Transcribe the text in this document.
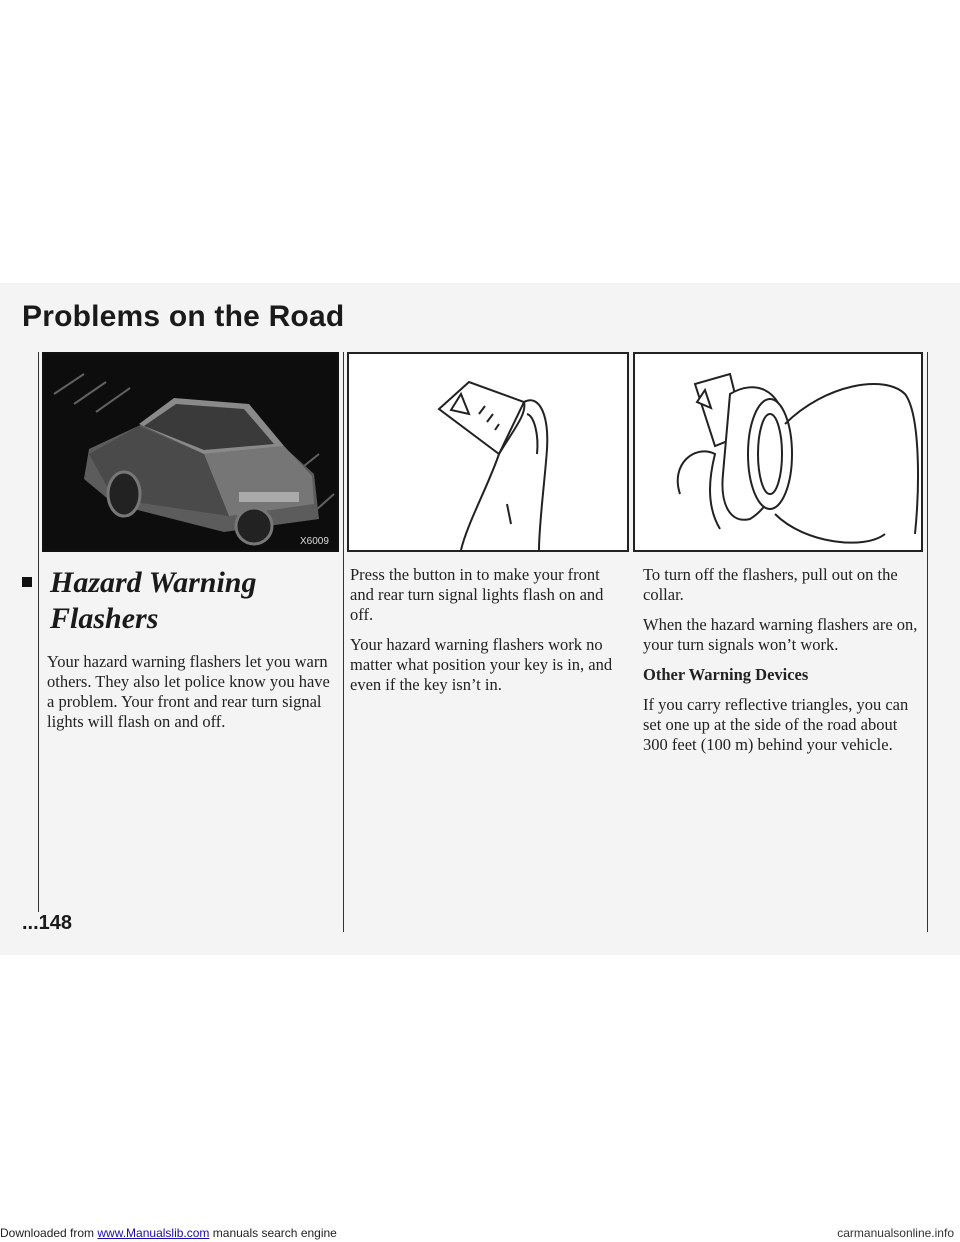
Problems on the Road
X6009
Hazard Warning Flashers

Your hazard warning flashers let you warn others. They also let police know you have a problem. Your front and rear turn signal lights will flash on and off.

Press the button in to make your front and rear turn signal lights flash on and off.

Your hazard warning flashers work no matter what position your key is in, and even if the key isn’t in.

To turn off the flashers, pull out on the collar.

When the hazard warning flashers are on, your turn signals won’t work.

Other Warning Devices

If you carry reflective triangles, you can set one up at the side of the road about 300 feet (100 m) behind your vehicle.

...148

Downloaded from www.Manualslib.com manuals search engine	carmanualsonline.info
